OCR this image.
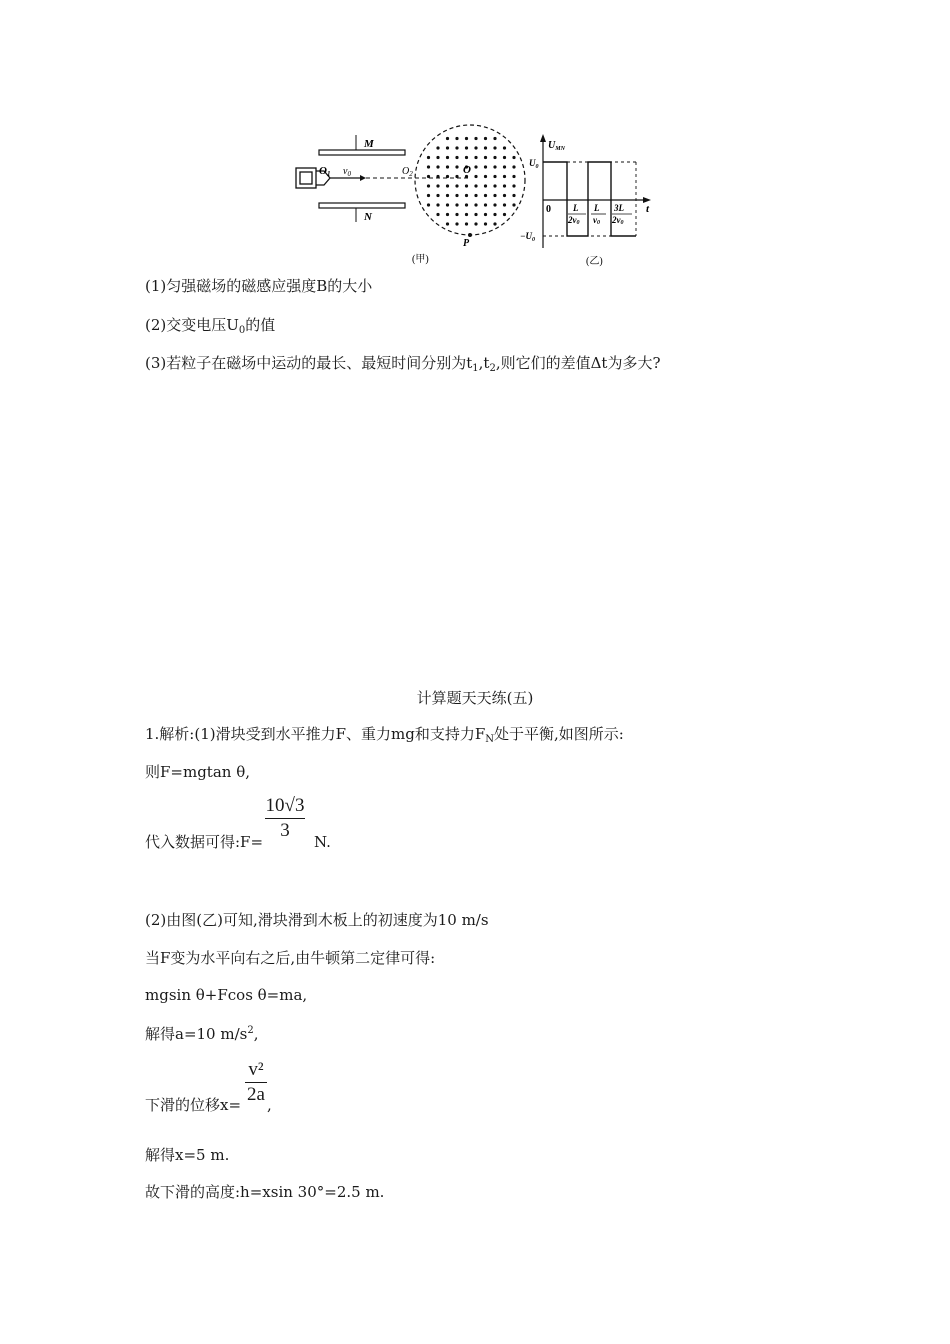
M
N
O1 $v_0$	$O_2$	O
P
(甲)
$U_{MN}$
t
0
$U_0$
$-U_0$
L
2v0
L
v0
3L
2v0
(乙)
(1)匀强磁场的磁感应强度B的大小
(2)交变电压$U_0$的值
(3)若粒子在磁场中运动的最长、最短时间分别为$t_1,t_2$,则它们的差值Δt为多大?
计算题天天练(五)
1.解析:(1)滑块受到水平推力F、重力mg和支持力$F_N$处于平衡,如图所示:
则F=mgtan θ,
代入数据可得:F=
10√3
3
N.
(2)由图(乙)可知,滑块滑到木板上的初速度为10 m/s
当F变为水平向右之后,由牛顿第二定律可得:
mgsin θ+Fcos θ=ma,
解得a=10 $m/s^2$,
下滑的位移x=
v²
2a ,
解得x=5 m.
故下滑的高度:h=xsin 30°=2.5 m.
